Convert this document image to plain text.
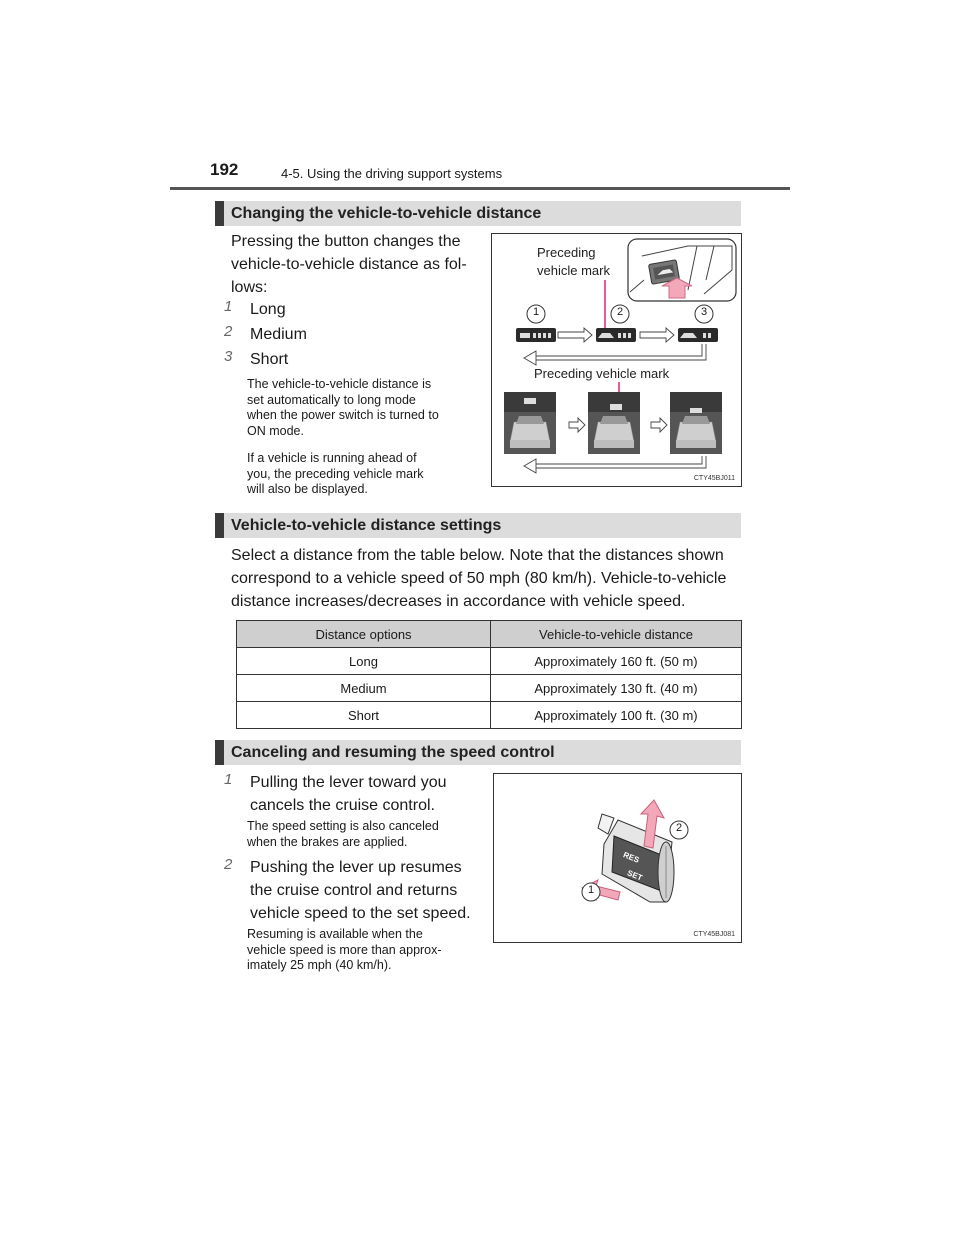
192	4-5. Using the driving support systems
Changing the vehicle-to-vehicle distance
Pressing the button changes the
vehicle-to-vehicle distance as fol-
lows:
1 Long
2 Medium
3 Short
The vehicle-to-vehicle distance is
set automatically to long mode
when the power switch is turned to
ON mode.
If a vehicle is running ahead of
you, the preceding vehicle mark
will also be displayed.
Preceding
vehicle mark
Preceding vehicle mark
1	2	3
CTY45BJ011
Vehicle-to-vehicle distance settings
Select a distance from the table below. Note that the distances shown
correspond to a vehicle speed of 50 mph (80 km/h). Vehicle-to-vehicle
distance increases/decreases in accordance with vehicle speed.
Distance options	Vehicle-to-vehicle distance
Long	Approximately 160 ft. (50 m)
Medium	Approximately 130 ft. (40 m)
Short	Approximately 100 ft. (30 m)
Canceling and resuming the speed control
1 Pulling the lever toward you
cancels the cruise control.
The speed setting is also canceled
when the brakes are applied.
2 Pushing the lever up resumes
the cruise control and returns
vehicle speed to the set speed.
Resuming is available when the
vehicle speed is more than approx-
imately 25 mph (40 km/h).
RES
SET
2
1
CTY45BJ081
